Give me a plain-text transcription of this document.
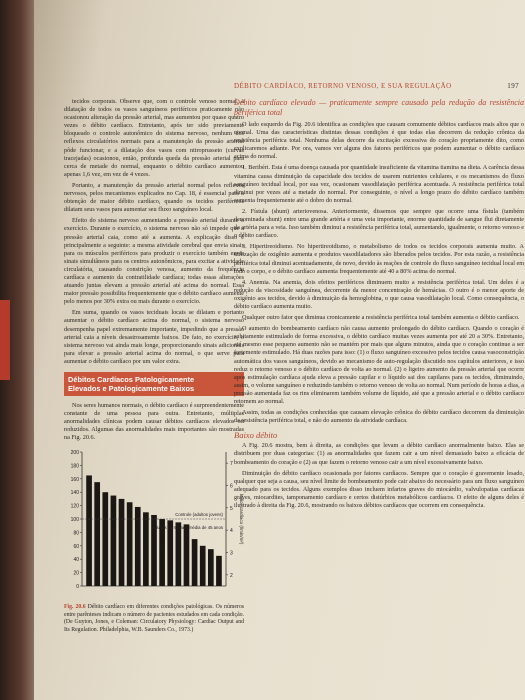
DÉBITO CARDÍACO, RETORNO VENOSO, E SUA REGULAÇÃO	197

tecidos corporais. Observe que, com o controle venoso normal, a dilatação de todos os vasos sanguíneos periféricos praticamente não ocasionou alteração da pressão arterial, mas aumentou por quase quatro vezes o débito cardíaco. Entretanto, após ter sido previamente bloqueado o controle autonômico do sistema nervoso, nenhum dos reflexos circulatórios normais para a manutenção da pressão arterial pôde funcionar, e a dilatação dos vasos com nitroprusseto (curvas tracejadas) ocasionou, então, profunda queda da pressão arterial para cerca de metade do normal, enquanto o débito cardíaco aumentou apenas 1,6 vez, em vez de 4 vezes.

Portanto, a manutenção da pressão arterial normal pelos reflexos nervosos, pelos mecanismos explicados no Cap. 18, é essencial para a obtenção de maior débito cardíaco, quando os tecidos periféricos dilatam seus vasos para aumentar seu fluxo sanguíneo local.

Efeito do sistema nervoso aumentando a pressão arterial durante o exercício. Durante o exercício, o sistema nervoso não só impede que a pressão arterial caia, como até a aumenta. A explicação disso é principalmente a seguinte: a mesma atividade cerebral que envia sinais para os músculos periféricos para produzir o exercício também envia sinais simultâneos para os centros autonômicos, para excitar a atividade circulatória, causando constrição venosa, aumento da frequência cardíaca e aumento da contratilidade cardíaca; todas essas alterações atuando juntas elevam a pressão arterial até acima do normal. Essa maior pressão possibilita frequentemente que o débito cardíaco aumente pelo menos por 30% extra ou mais durante o exercício.

Em suma, quando os vasos teciduais locais se dilatam e portanto aumentar o débito cardíaco acima do normal, o sistema nervoso desempenha papel extremamente importante, impedindo que a pressão arterial caia a níveis desastrosamente baixos. De fato, no exercício, o sistema nervoso vai ainda mais longe, proporcionando sinais adicionais para elevar a pressão arterial acima do normal, o que serve para aumentar o débito cardíaco por um valor extra.

Débitos Cardíacos Patologicamente
Elevados e Patologicamente Baixos

Nos seres humanos normais, o débito cardíaco é surpreendentemente constante de uma pessoa para outra. Entretanto, múltiplas anormalidades clínicas podem causar débitos cardíacos elevados ou reduzidos. Algumas das anormalidades mais importantes são mostradas na Fig. 20.6.

0
20
40
60
80
100
120
140
160
180
200
2
3
4
5
6
7
Índice cardíaco (l/min/m²)
Controle (adultos jovens)
Adultos com idade média de 45 anos
Fig. 20.6 Débito cardíaco em diferentes condições patológicas. Os números entre parênteses indicam o número de pacientes estudados em cada condição. (De Guyton, Jones, e Coleman: Circulatory Physiology: Cardiac Output and Its Regulation. Philadelphia, W.B. Saunders Co., 1973.)
Débito cardíaco elevado — praticamente sempre causado pela redução da resistência periférica total

O lado esquerdo da Fig. 20.6 identifica as condições que causam comumente débitos cardíacos mais altos que o normal. Uma das características distintas dessas condições é que todas elas decorrem da redução crônica da resistência periférica total. Nenhuma delas decorre da excitação excessiva do coração propriamente dito, como explicaremos adiante. Por ora, vamos ver alguns dos fatores periféricos que podem aumentar o débito cardíaco acima do normal.

1. Beribéri. Esta é uma doença causada por quantidade insuficiente da vitamina tiamina na dieta. A carência dessa vitamina causa diminuição da capacidade dos tecidos de usarem nutrientes celulares, e os mecanismos do fluxo sanguíneo tecidual local, por sua vez, ocasionam vasodilatação periférica acentuada. A resistência periférica total diminui por vezes até a metade do normal. Por conseguinte, o nível a longo prazo do débito cardíaco também aumenta frequentemente até o dobro do normal.

2. Fístula (shunt) arteriovenosa. Anteriormente, dissemos que sempre que ocorre uma fístula (também denominada shunt) entre uma grande artéria e uma veia importante, enorme quantidade de sangue flui diretamente da artéria para a veia. Isso também diminui a resistência periférica total, aumentando, igualmente, o retorno venoso e o débito cardíaco.

3. Hipertireoidismo. No hipertireoidismo, o metabolismo de todos os tecidos corporais aumenta muito. A utilização de oxigênio aumenta e produtos vasodilatadores são liberados pelos tecidos. Por esta razão, a resistência periférica total diminui acentuadamente, de novo, devido às reações de controle do fluxo sanguíneo tecidual local em todo o corpo, e o débito cardíaco aumenta frequentemente até 40 a 80% acima do normal.

4. Anemia. Na anemia, dois efeitos periféricos diminuem muito a resistência periférica total. Um deles é a redução da viscosidade sanguínea, decorrente da menor concentração de hemácias. O outro é o menor aporte de oxigênio aos tecidos, devido à diminuição da hemoglobina, o que causa vasodilatação local. Como consequência, o débito cardíaco aumenta muito.

Qualquer outro fator que diminua cronicamente a resistência periférica total também aumenta o débito cardíaco.

O aumento do bombeamento cardíaco não causa aumento prolongado do débito cardíaco. Quando o coração é subitamente estimulado de forma excessiva, o débito cardíaco muitas vezes aumenta por até 20 a 30%. Entretanto, até mesmo esse pequeno aumento não se mantém por mais que alguns minutos, ainda que o coração continue a ser fortemente estimulado. Há duas razões para isso: (1) o fluxo sanguíneo excessivo pelos tecidos causa vasoconstrição automática dos vasos sanguíneos, devido ao mecanismo de auto-regulação discutido nos capítulos anteriores, e isso reduz o retorno venoso e o débito cardíaco de volta ao normal. (2) o ligeiro aumento da pressão arterial que ocorre após estimulação cardíaca ajuda eleva a pressão capilar e o líquido sai dos capilares para os tecidos, diminuindo, assim, o volume sanguíneo e reduzindo também o retorno venoso de volta ao normal. Num período de horas a dias, a pressão aumentada faz os rins eliminarem também volume de líquido, até que a pressão arterial e o débito cardíaco retornem ao normal.

Assim, todas as condições conhecidas que causam elevação crônica do débito cardíaco decorrem da diminuição da resistência periférica total, e não do aumento da atividade cardíaca.

Baixo débito

A Fig. 20.6 mostra, bem à direita, as condições que levam a débito cardíaco anormalmente baixo. Elas se distribuem por duas categorias: (1) as anormalidades que fazem cair a um nível demasiado baixo a eficácia de bombeamento do coração e (2) as que fazem o retorno venoso cair a um nível excessivamente baixo.

Diminuição do débito cardíaco ocasionada por fatores cardíacos. Sempre que o coração é gravemente lesado, qualquer que seja a causa, seu nível limite de bombeamento pode cair abaixo do necessário para um fluxo sanguíneo adequado para os tecidos. Alguns exemplos disso incluem infartos graves do miocárdio, valvulopatias cardíacas graves, miocardites, tamponamento cardíaco e certos distúrbios metabólicos cardíacos. O efeito de alguns deles é ilustrado à direita da Fig. 20.6, mostrando os baixos débitos cardíacos que ocorrem em consequência.
